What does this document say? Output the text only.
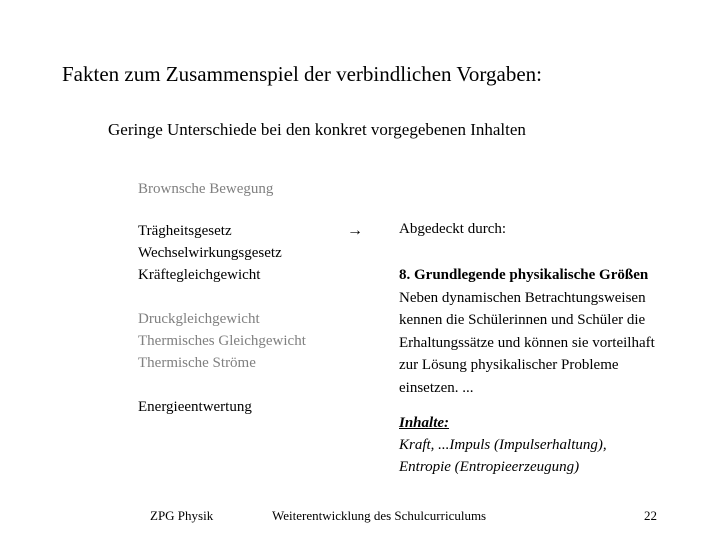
Fakten zum Zusammenspiel der verbindlichen Vorgaben:
Geringe Unterschiede bei den konkret vorgegebenen Inhalten
Brownsche Bewegung
Trägheitsgesetz
Wechselwirkungsgesetz
Kräftegleichgewicht
Druckgleichgewicht
Thermisches Gleichgewicht
Thermische Ströme
Energieentwertung
→ Abgedeckt durch:
8. Grundlegende physikalische Größen
Neben dynamischen Betrachtungsweisen
kennen die Schülerinnen und Schüler die
Erhaltungssätze und können sie vorteilhaft
zur Lösung physikalischer Probleme
einsetzen. ...
Inhalte:
Kraft, ...Impuls (Impulserhaltung),
Entropie (Entropieerzeugung)
ZPG Physik	Weiterentwicklung des Schulcurriculums	22
